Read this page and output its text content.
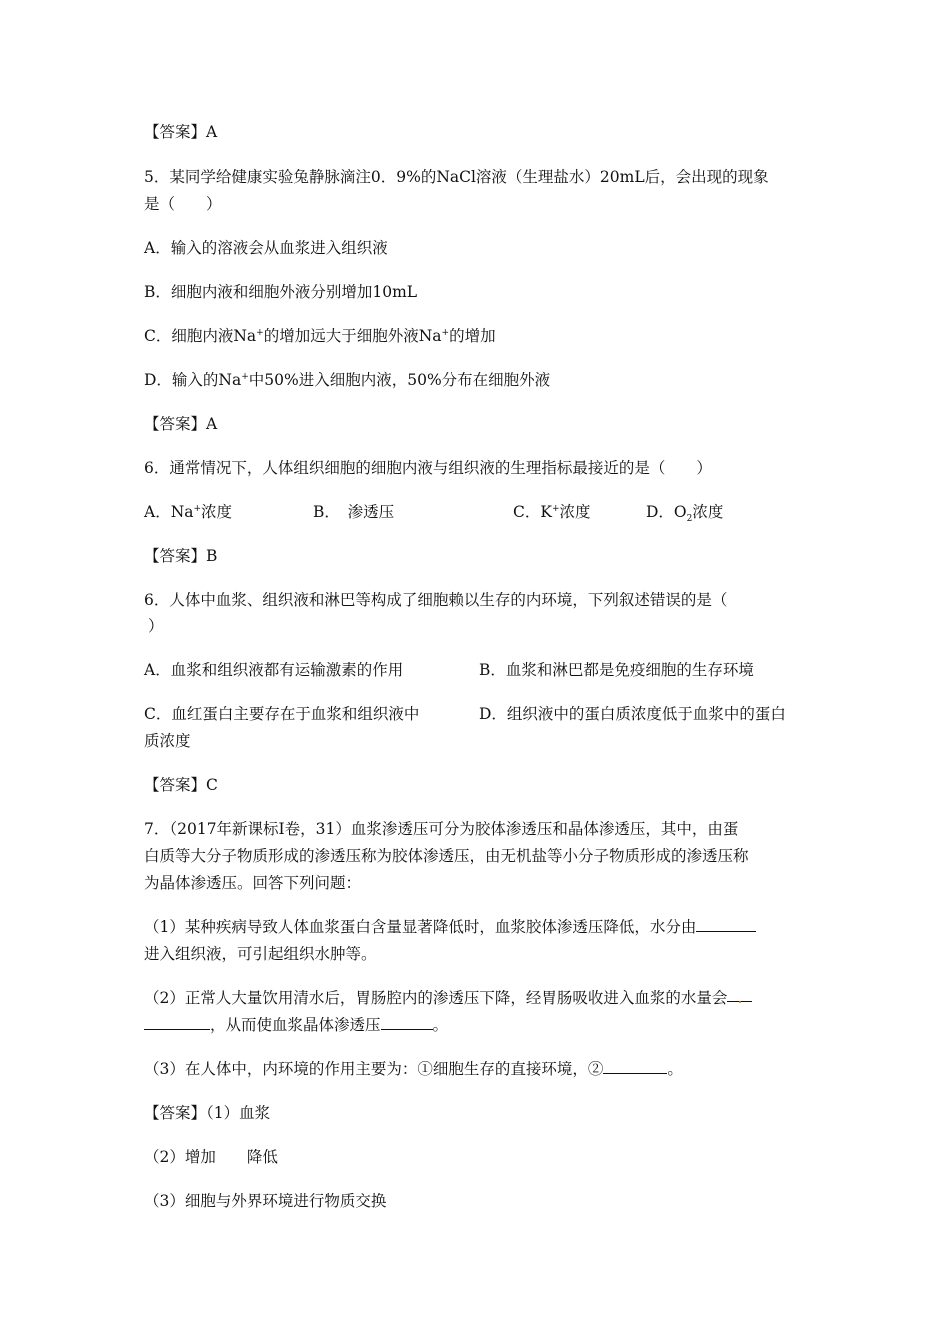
【答案】A
5．某同学给健康实验兔静脉滴注0．9%的NaCl溶液（生理盐水）20mL后，会出现的现象
是（　　）
A．输入的溶液会从血浆进入组织液
B．细胞内液和细胞外液分别增加10mL
C．细胞内液Na+的增加远大于细胞外液Na+的增加
D．输入的Na+中50%进入细胞内液，50%分布在细胞外液
【答案】A
6．通常情况下，人体组织细胞的细胞内液与组织液的生理指标最接近的是（　　）
A．Na+浓度	B．　渗透压	C．K+浓度	D．$O_2$浓度
【答案】B
6．人体中血浆、组织液和淋巴等构成了细胞赖以生存的内环境，下列叙述错误的是（
）
A．血浆和组织液都有运输激素的作用	B．血浆和淋巴都是免疫细胞的生存环境
C．血红蛋白主要存在于血浆和组织液中	D．组织液中的蛋白质浓度低于血浆中的蛋白
质浓度
【答案】C
7．（2017年新课标Ⅰ卷，31）血浆渗透压可分为胶体渗透压和晶体渗透压，其中，由蛋
白质等大分子物质形成的渗透压称为胶体渗透压，由无机盐等小分子物质形成的渗透压称
为晶体渗透压。回答下列问题：
（1）某种疾病导致人体血浆蛋白含量显著降低时，血浆胶体渗透压降低，水分由
进入组织液，可引起组织水肿等。
（2）正常人大量饮用清水后，胃肠腔内的渗透压下降，经胃肠吸收进入血浆的水量会 .
，从而使血浆晶体渗透压	。
（3）在人体中，内环境的作用主要为：①细胞生存的直接环境，②	。
【答案】（1）血浆
（2）增加　　降低
（3）细胞与外界环境进行物质交换
